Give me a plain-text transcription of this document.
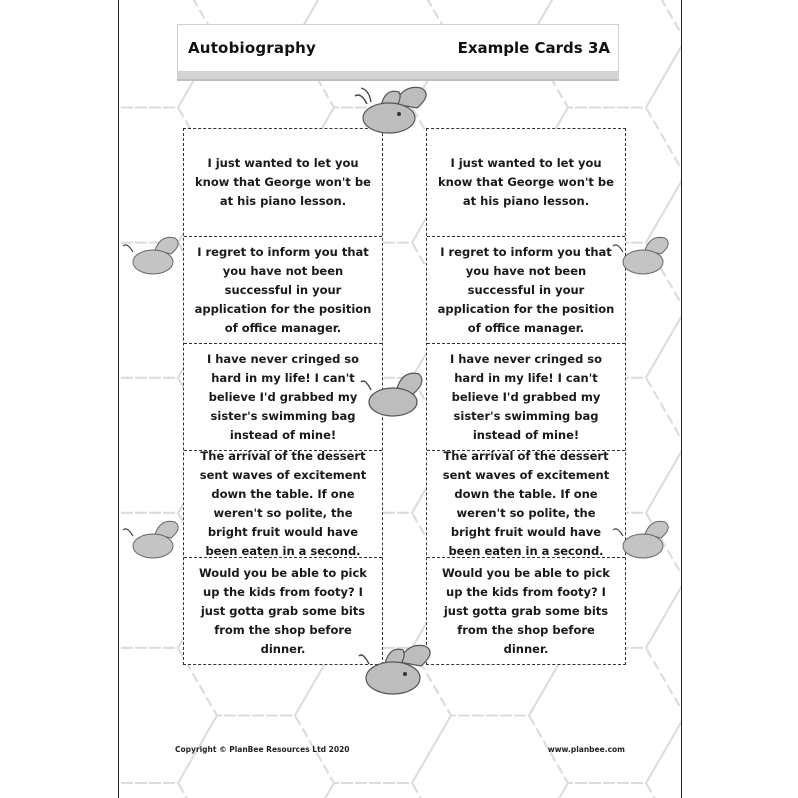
Autobiography	Example Cards 3A
I just wanted to let you know that George won't be at his piano lesson.
I regret to inform you that you have not been successful in your application for the position of office manager.
I have never cringed so hard in my life! I can't believe I'd grabbed my sister's swimming bag instead of mine!
The arrival of the dessert sent waves of excitement down the table. If one weren't so polite, the bright fruit would have been eaten in a second.
Would you be able to pick up the kids from footy? I just gotta grab some bits from the shop before dinner.
I just wanted to let you know that George won't be at his piano lesson.
I regret to inform you that you have not been successful in your application for the position of office manager.
I have never cringed so hard in my life! I can't believe I'd grabbed my sister's swimming bag instead of mine!
The arrival of the dessert sent waves of excitement down the table. If one weren't so polite, the bright fruit would have been eaten in a second.
Would you be able to pick up the kids from footy? I just gotta grab some bits from the shop before dinner.
Copyright © PlanBee Resources Ltd 2020	www.planbee.com
